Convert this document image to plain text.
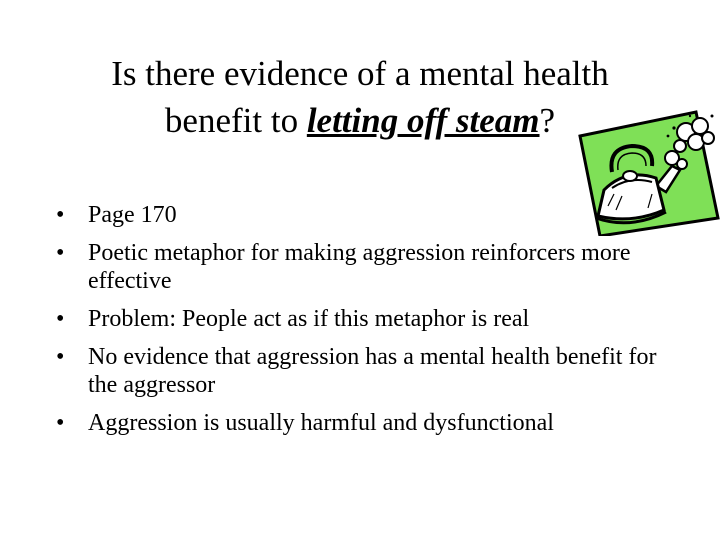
Is there evidence of a mental health
benefit to letting off steam?
• Page 170
• Poetic metaphor for making aggression reinforcers more effective
• Problem: People act as if this metaphor is real
• No evidence that aggression has a mental health benefit for the aggressor
• Aggression is usually harmful and dysfunctional
